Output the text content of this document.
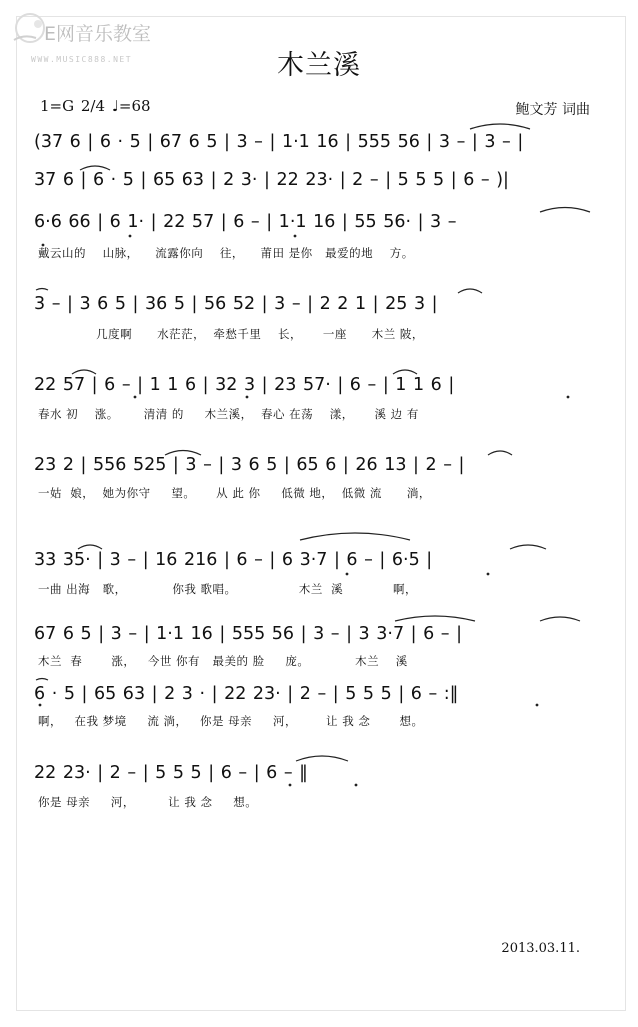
E网音乐教室
WWW.MUSIC888.NET	木兰溪
1=G 2/4 ♩=68	鲍文芳 词曲
(37 6 | 6 · 5 | 67 6 5 | 3 – | 1·1 16 | 555 56 | 3 – | 3 – |
37 6 | 6 · 5 | 65 63 | 2 3· | 22 23· | 2 – | 5 5 5 | 6 – )|
6·6 66 | 6 1· | 22 57 | 6 – | 1·1 16 | 55 56· | 3 –
戴云山的    山脉，    流露你向    往，    莆田 是你   最爱的地    方。
3 – | 3 6 5 | 36 5 | 56 52 | 3 – | 2 2 1 | 25 3 |
几度啊      水茫茫，  牵愁千里    长，     一座      木兰 陂，
22 57 | 6 – | 1 1 6 | 32 3 | 23 57· | 6 – | 1 1 6 |
春水 初    涨。      清清 的     木兰溪，  春心 在荡    漾，     溪 边 有
23 2 | 556 525 | 3 – | 3 6 5 | 65 6 | 26 13 | 2 – |
一姑  娘，  她为你守     望。     从 此 你     低微 地，  低微 流      淌，
33 35· | 3 – | 16 216 | 6 – | 6 3·7 | 6 – | 6·5 |
一曲 出海   歌，           你我 歌唱。               木兰  溪            啊，
67 6 5 | 3 – | 1·1 16 | 555 56 | 3 – | 3 3·7 | 6 – |
木兰  春       涨，   今世 你有   最美的 脸     庞。           木兰    溪
6 · 5 | 65 63 | 2 3 · | 22 23· | 2 – | 5 5 5 | 6 – :‖
啊，   在我 梦境     流 淌，   你是 母亲     河，       让 我 念       想。
22 23· | 2 – | 5 5 5 | 6 – | 6 – ‖
你是 母亲     河，        让 我 念     想。
2013.03.11.
